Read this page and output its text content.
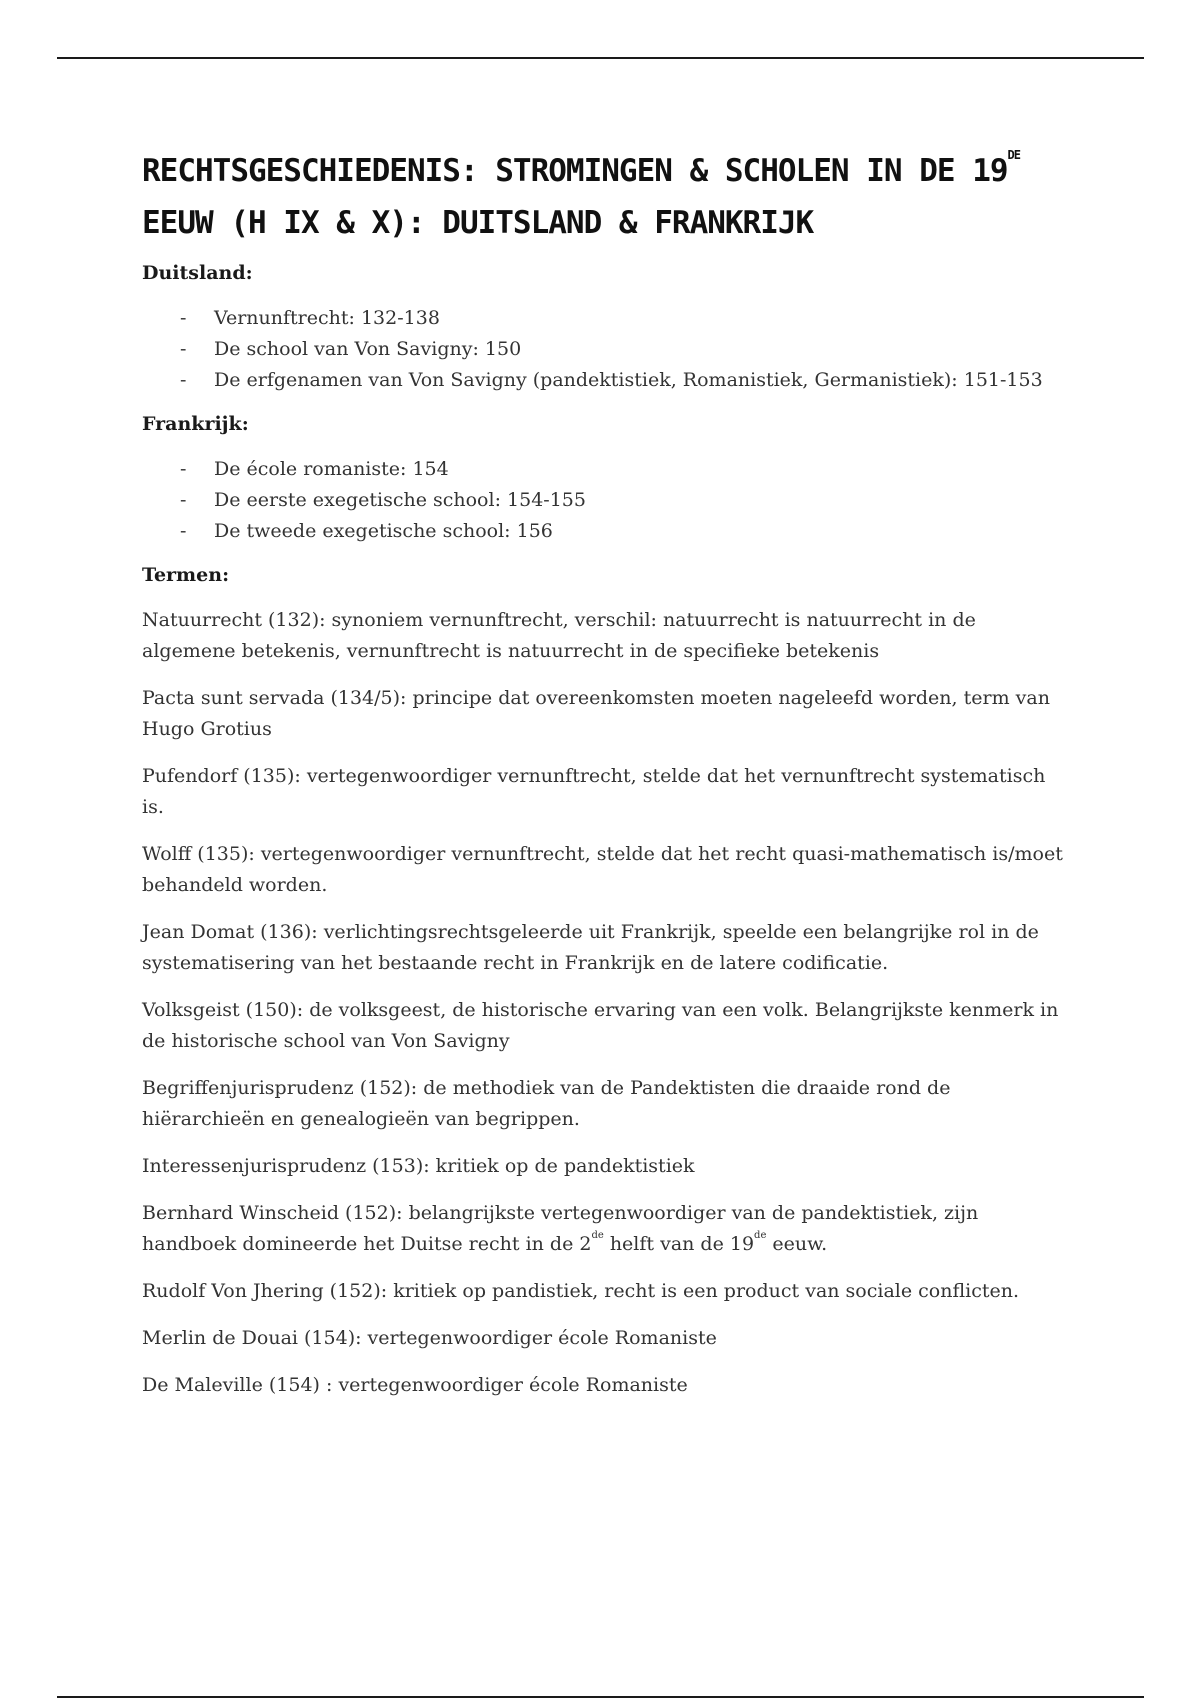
RECHTSGESCHIEDENIS: STROMINGEN & SCHOLEN IN DE 19DE
EEUW (H IX & X): DUITSLAND & FRANKRIJK
Duitsland:
- Vernunftrecht: 132-138
- De school van Von Savigny: 150
- De erfgenamen van Von Savigny (pandektistiek, Romanistiek, Germanistiek): 151-153
Frankrijk:
- De école romaniste: 154
- De eerste exegetische school: 154-155
- De tweede exegetische school: 156
Termen:

Natuurrecht (132): synoniem vernunftrecht, verschil: natuurrecht is natuurrecht in de algemene betekenis, vernunftrecht is natuurrecht in de specifieke betekenis

Pacta sunt servada (134/5): principe dat overeenkomsten moeten nageleefd worden, term van Hugo Grotius

Pufendorf (135): vertegenwoordiger vernunftrecht, stelde dat het vernunftrecht systematisch is.

Wolff (135): vertegenwoordiger vernunftrecht, stelde dat het recht quasi-mathematisch is/moet behandeld worden.

Jean Domat (136): verlichtingsrechtsgeleerde uit Frankrijk, speelde een belangrijke rol in de systematisering van het bestaande recht in Frankrijk en de latere codificatie.

Volksgeist (150): de volksgeest, de historische ervaring van een volk. Belangrijkste kenmerk in de historische school van Von Savigny

Begriffenjurisprudenz (152): de methodiek van de Pandektisten die draaide rond de hiërarchieën en genealogieën van begrippen.

Interessenjurisprudenz (153): kritiek op de pandektistiek

Bernhard Winscheid (152): belangrijkste vertegenwoordiger van de pandektistiek, zijn handboek domineerde het Duitse recht in de 2de helft van de 19de eeuw.

Rudolf Von Jhering (152): kritiek op pandistiek, recht is een product van sociale conflicten.

Merlin de Douai (154): vertegenwoordiger école Romaniste

De Maleville (154) : vertegenwoordiger école Romaniste
